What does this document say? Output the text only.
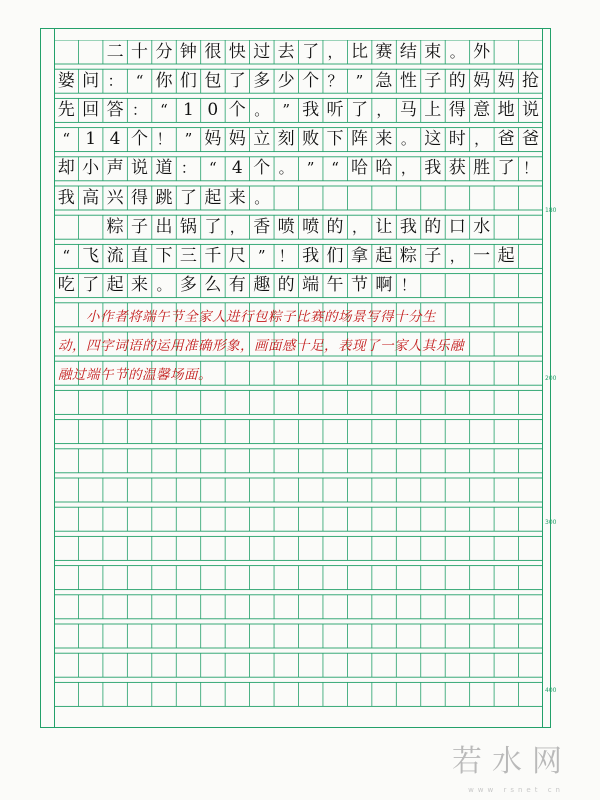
二 十 分 钟 很 快 过 去 了 ， 比 赛 结 束 。 外
婆 问 ： “ 你 们 包 了 多 少 个 ？ ” 急 性 子 的 妈 妈 抢
先 回 答 ： “ 1 0 个 。 ” 我 听 了 ， 马 上 得 意 地 说
“ 1 4 个 ！ ” 妈 妈 立 刻 败 下 阵 来 。 这 时 ， 爸 爸
却 小 声 说 道 ： “ 4 个 。 ”	“ 哈 哈 ， 我 获 胜 了 ！
我 高 兴 得 跳 了 起 来 。

粽 子 出 锅 了 ， 香 喷 喷 的 ， 让 我 的 口 水
“ 飞 流 直 下 三 千 尺 ” ！ 我 们 拿 起 粽 子 ， 一 起
吃 了 起 来 。 多 么 有 趣 的 端 午 节 啊 ！
　　小作者将端午节全家人进行包粽子比赛的场景写得十分生
动，四字词语的运用准确形象，画面感十足，表现了一家人其乐融
融过端午节的温馨场面。
180
200
300
400
若水网
www rsnet cn
